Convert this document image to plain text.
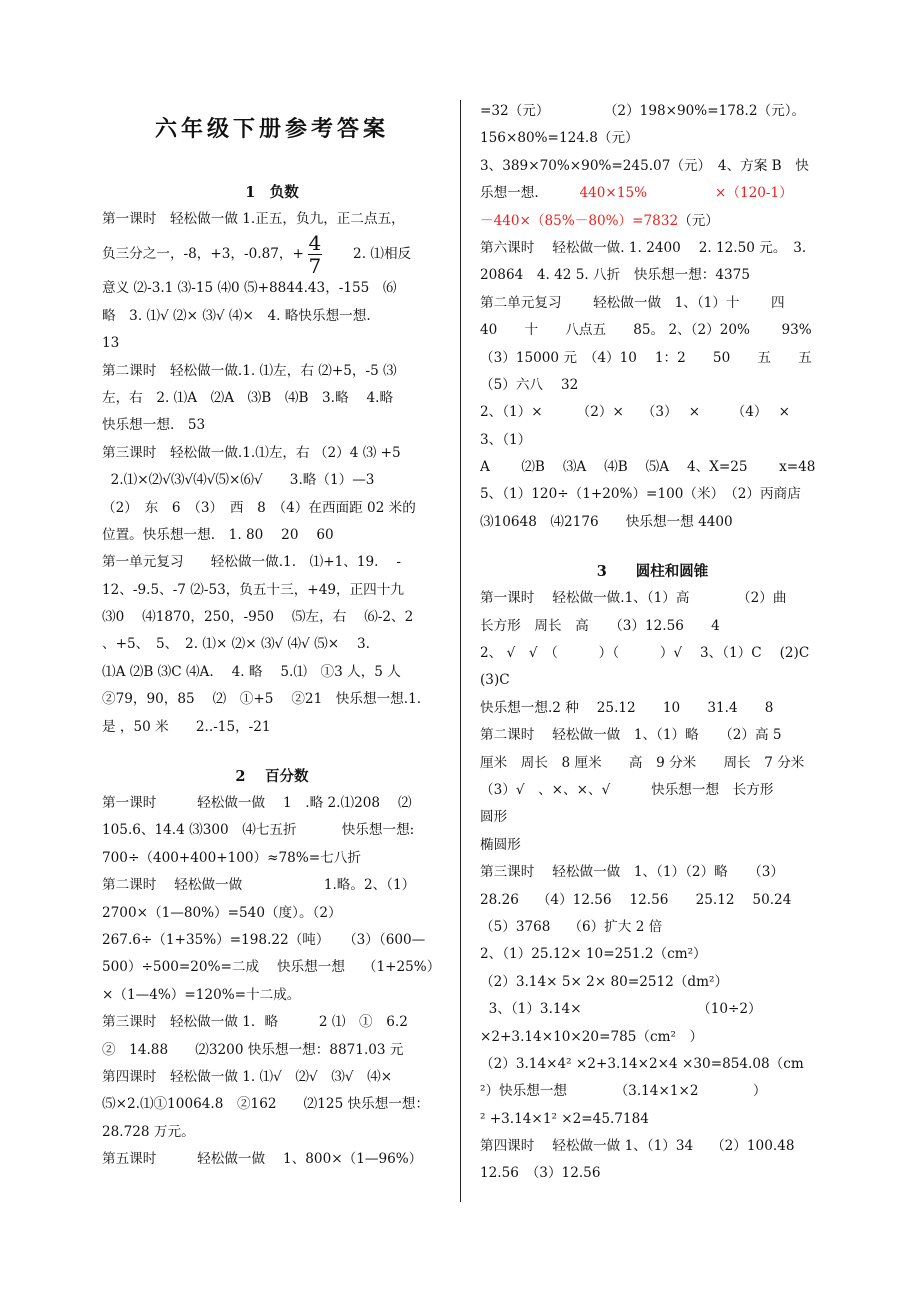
六年级下册参考答案
1　负数
第一课时　轻松做一做 1.正五，负九，正二点五，
负三分之一，-8，+3，-0.87，+ $\frac{4}{7}$ 　　2. ⑴相反
意义 ⑵-3.1 ⑶-15 ⑷0 ⑸+8844.43，-155　⑹
略　3. ⑴√ ⑵× ⑶√ ⑷×　4. 略快乐想一想.
13
第二课时　轻松做一做.1. ⑴左，右 ⑵+5，-5 ⑶
左，右　2. ⑴A　⑵A　⑶B　⑷B　3.略　 4.略
快乐想一想.　53
第三课时　轻松做一做.1.⑴左，右 （2）4 ⑶ +5
2.⑴×⑵√⑶√⑷√⑸×⑹√　　3.略（1）—3
（2）　东　6　（3）　西　8　（4）在西面距 02 米的
位置。快乐想一想.　1. 80　 20　 60
第一单元复习　　轻松做一做.1.　⑴+1、19.　 -
12、-9.5、-7 ⑵-53，负五十三，+49，正四十九
⑶0　 ⑷1870，250，-950　 ⑸左，右　 ⑹-2、2
、+5、　5、　2. ⑴× ⑵× ⑶√ ⑷√ ⑸×　 3.
⑴A ⑵B ⑶C ⑷A.　 4. 略　 5.⑴　①3 人，5 人
②79，90，85　 ⑵　①+5　 ②21　快乐想一想.1.
是 ，50 米　　2..-15，-21
2　 百分数
第一课时　　　轻松做一做　 1　.略 2.⑴208　 ⑵
105.6、14.4 ⑶300　⑷七五折　　　 快乐想一想:
700÷（400+400+100）≈78%=七八折
第二课时　 轻松做一做　　　　　　1.略。2、（1）
2700×（1—80%）=540（度）。（2）
267.6÷（1+35%）=198.22（吨）　　（3）（600—
500）÷500=20%=二成　 快乐想一想　 （1+25%）
×（1—4%）=120%=十二成。
第三课时　轻松做一做 1．略　　　2 ⑴　①　6.2
②　14.88　　⑵3200 快乐想一想：8871.03 元
第四课时　轻松做一做 1. ⑴√　⑵√　⑶√　⑷×
⑸×2.⑴①10064.8　②162　　⑵125 快乐想一想：
28.728 万元。
第五课时　　　轻松做一做　 1、800×（1—96%）
=32（元）　　　　　（2）198×90%=178.2（元）。
156×80%=124.8（元）
3、389×70%×90%=245.07（元）　4、方案 B　快
乐想一想.　　　440×15%　　　　　×（120-1）
－440×（85%－80%）=7832（元）
第六课时　 轻松做一做. 1. 2400　 2. 12.50 元。　3.
20864　4. 42 5. 八折　快乐想一想：4375
第二单元复习　　 轻松做一做　1、（1）十　　 四
40　　十　　八点五　　85。 2、（2）20%　　 93%
（3）15000 元　（4）10　 1：2　　50　　五　　五
（5）六八　 32
2、（1）×　　　（2）×　 （3）　 ×　　 （4）　 ×
3、（1）
A　　 ⑵B　 ⑶A　 ⑷B　 ⑸A　 4、X=25　　 x=48
5、（1）120÷（1+20%）=100（米）　（2）丙商店
⑶10648　⑷2176　　快乐想一想 4400
3　　圆柱和圆锥
第一课时　 轻松做一做.1、（1）高　　　　（2）曲
长方形　周长　高　　（3）12.56　　4
2、 √　√　（　　　）（　　　）√　 3、（1）C　 (2)C
(3)C
快乐想一想.2 种　 25.12　　10　　31.4　　8
第二课时　 轻松做一做　1、（1）略　　（2）高 5
厘米　周长　8 厘米　　高　9 分米　　周长　7 分米
（3）√　、×、×、√　　　快乐想一想　长方形
圆形
椭圆形
第三课时　 轻松做一做　1、（1）（2）略　　（3）
28.26　 （4）12.56　 12.56　　25.12　 50.24
（5）3768　 （6）扩大 2 倍
2、（1）25.12× 10=251.2（cm²）
（2）3.14× 5× 2× 80=2512（dm²）
3、（1）3.14×　　　　　　　　　（10÷2）
×2+3.14×10×20=785（cm²　）
（2）3.14×4² ×2+3.14×2×4 ×30=854.08（cm
²）快乐想一想　　　　（3.14×1×2　　　　）
² +3.14×1² ×2=45.7184
第四课时　 轻松做一做 1、（1）34　 （2）100.48
12.56　（3）12.56
